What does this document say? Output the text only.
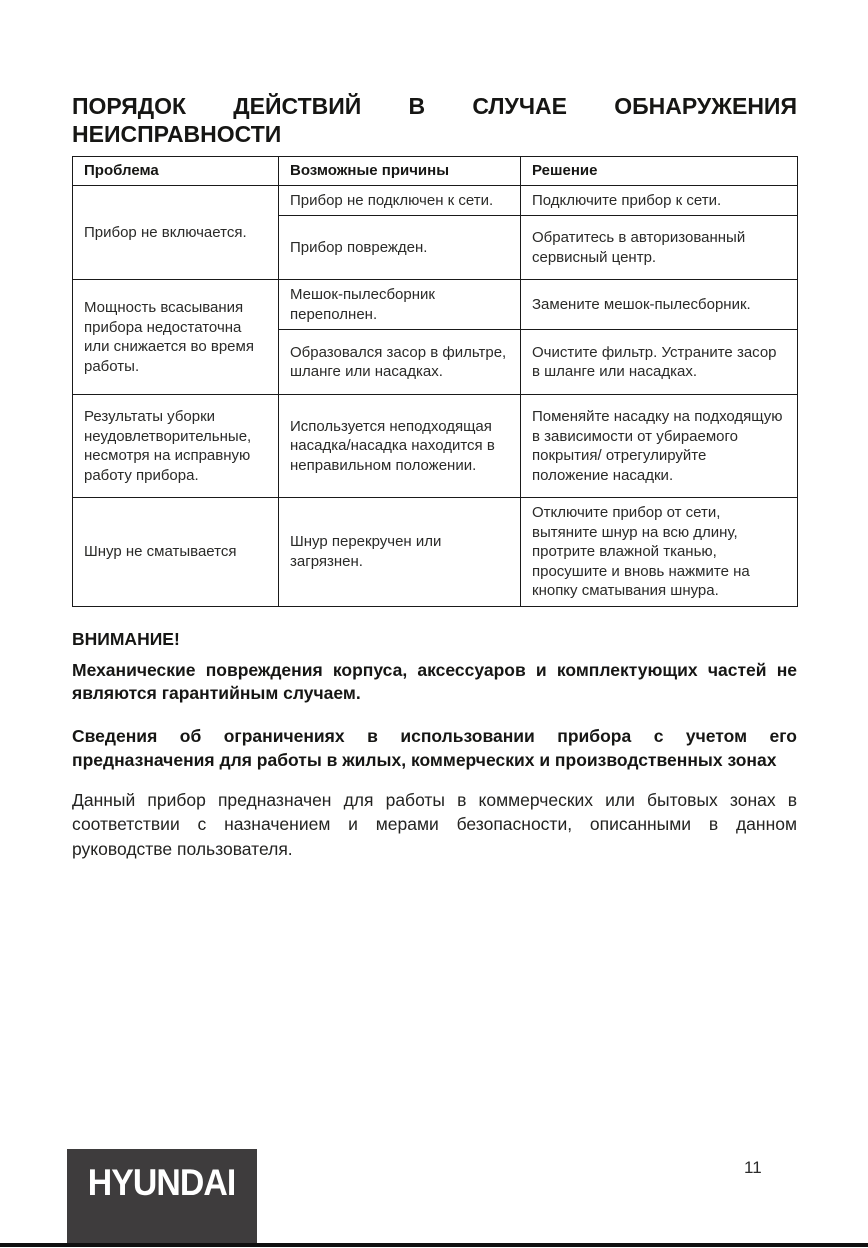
ПОРЯДОК ДЕЙСТВИЙ В СЛУЧАЕ ОБНАРУЖЕНИЯ НЕИСПРАВНОСТИ
Проблема	Возможные причины	Решение
Прибор не включается.	Прибор не подключен к сети.	Подключите прибор к сети.
	Прибор поврежден.	Обратитесь в авторизованный сервисный центр.
Мощность всасывания прибора недостаточна или снижается во время работы.	Мешок-пылесборник переполнен.	Замените мешок-пылесборник.
	Образовался засор в фильтре, шланге или насадках.	Очистите фильтр. Устраните засор в шланге или насадках.
Результаты уборки неудовлетворительные, несмотря на исправную работу прибора.	Используется неподходящая насадка/насадка находится в неправильном положении.	Поменяйте насадку на подходящую в зависимости от убираемого покрытия/ отрегулируйте положение насадки.
Шнур не сматывается	Шнур перекручен или загрязнен.	Отключите прибор от сети, вытяните шнур на всю длину, протрите влажной тканью, просушите и вновь нажмите на кнопку сматывания шнура.

ВНИМАНИЕ!

Механические повреждения корпуса, аксессуаров и комплектующих частей не являются гарантийным случаем.

Сведения об ограничениях в использовании прибора с учетом его предназначения для работы в жилых, коммерческих и производственных зонах

Данный прибор предназначен для работы в коммерческих или бытовых зонах в соответствии с назначением и мерами безопасности, описанными в данном руководстве пользователя.

HYUNDAI	11
